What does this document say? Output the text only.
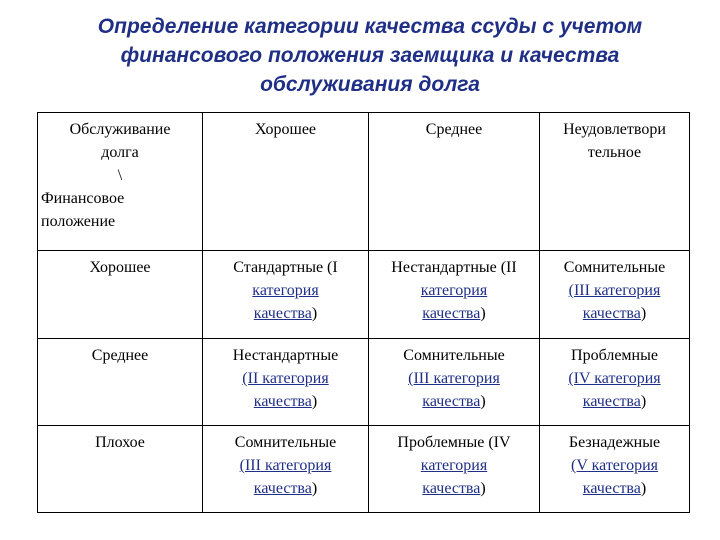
Определение категории качества ссуды с учетом
финансового положения заемщика и качества
обслуживания долга
Обслуживание
долга
\
Финансовое
положение	Хорошее	Среднее	Неудовлетвори тельное
Хорошее	Стандартные (I
категория
качества)	Нестандартные (II
категория
качества)	Сомнительные
(III категория
качества)

Среднее	Нестандартные
(II категория
качества)	Сомнительные
(III категория
качества)	Проблемные
(IV категория
качества)

Плохое	Сомнительные
(III категория
качества)	Проблемные (IV
категория
качества)	Безнадежные
(V категория
качества)
